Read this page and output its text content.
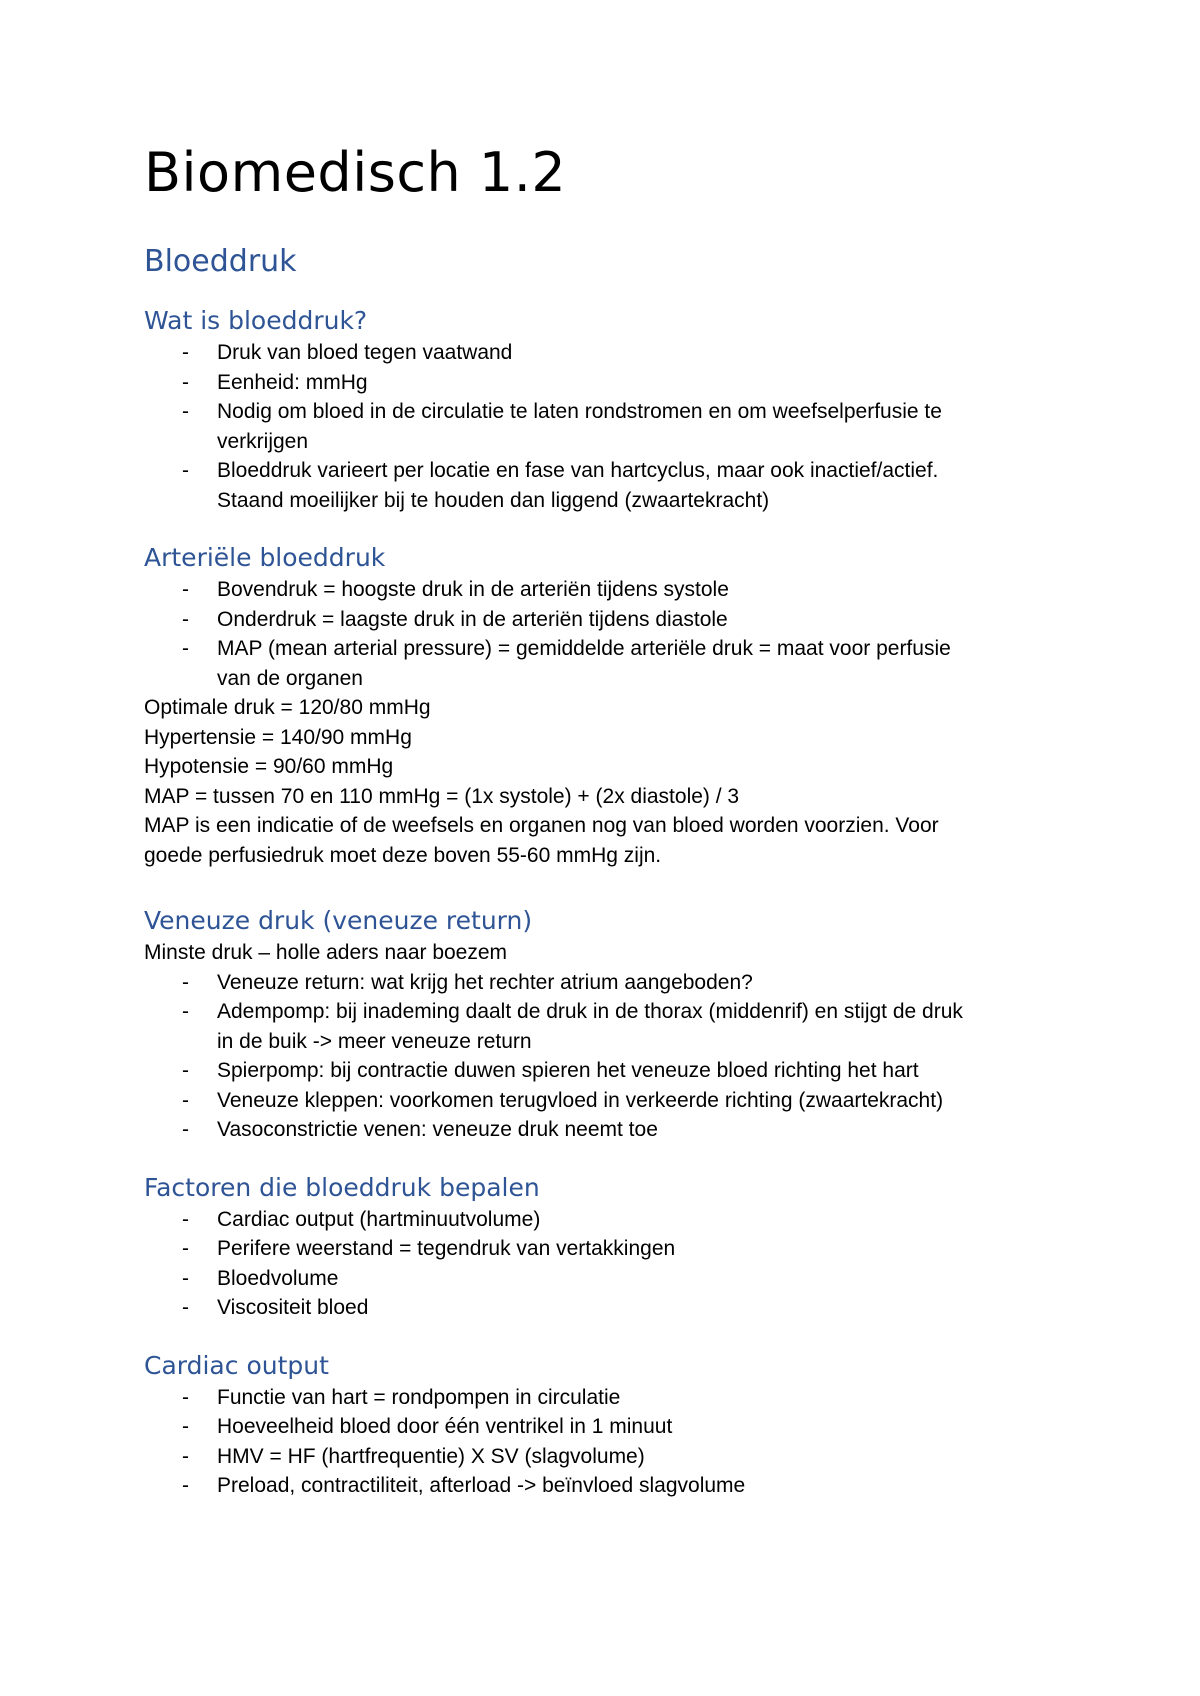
Biomedisch 1.2
Bloeddruk
Wat is bloeddruk?
- Druk van bloed tegen vaatwand
- Eenheid: mmHg
- Nodig om bloed in de circulatie te laten rondstromen en om weefselperfusie te verkrijgen
- Bloeddruk varieert per locatie en fase van hartcyclus, maar ook inactief/actief. Staand moeilijker bij te houden dan liggend (zwaartekracht)
Arteriële bloeddruk
- Bovendruk = hoogste druk in de arteriën tijdens systole
- Onderdruk = laagste druk in de arteriën tijdens diastole
- MAP (mean arterial pressure) = gemiddelde arteriële druk = maat voor perfusie van de organen

Optimale druk = 120/80 mmHg

Hypertensie = 140/90 mmHg

Hypotensie = 90/60 mmHg

MAP = tussen 70 en 110 mmHg = (1x systole) + (2x diastole) / 3

MAP is een indicatie of de weefsels en organen nog van bloed worden voorzien. Voor goede perfusiedruk moet deze boven 55-60 mmHg zijn.

Veneuze druk (veneuze return)

Minste druk – holle aders naar boezem

- Veneuze return: wat krijg het rechter atrium aangeboden?
- Adempomp: bij inademing daalt de druk in de thorax (middenrif) en stijgt de druk in de buik -> meer veneuze return
- Spierpomp: bij contractie duwen spieren het veneuze bloed richting het hart
- Veneuze kleppen: voorkomen terugvloed in verkeerde richting (zwaartekracht)
- Vasoconstrictie venen: veneuze druk neemt toe
Factoren die bloeddruk bepalen
- Cardiac output (hartminuutvolume)
- Perifere weerstand = tegendruk van vertakkingen
- Bloedvolume
- Viscositeit bloed
Cardiac output
- Functie van hart = rondpompen in circulatie
- Hoeveelheid bloed door één ventrikel in 1 minuut
- HMV = HF (hartfrequentie) X SV (slagvolume)
- Preload, contractiliteit, afterload -> beïnvloed slagvolume
